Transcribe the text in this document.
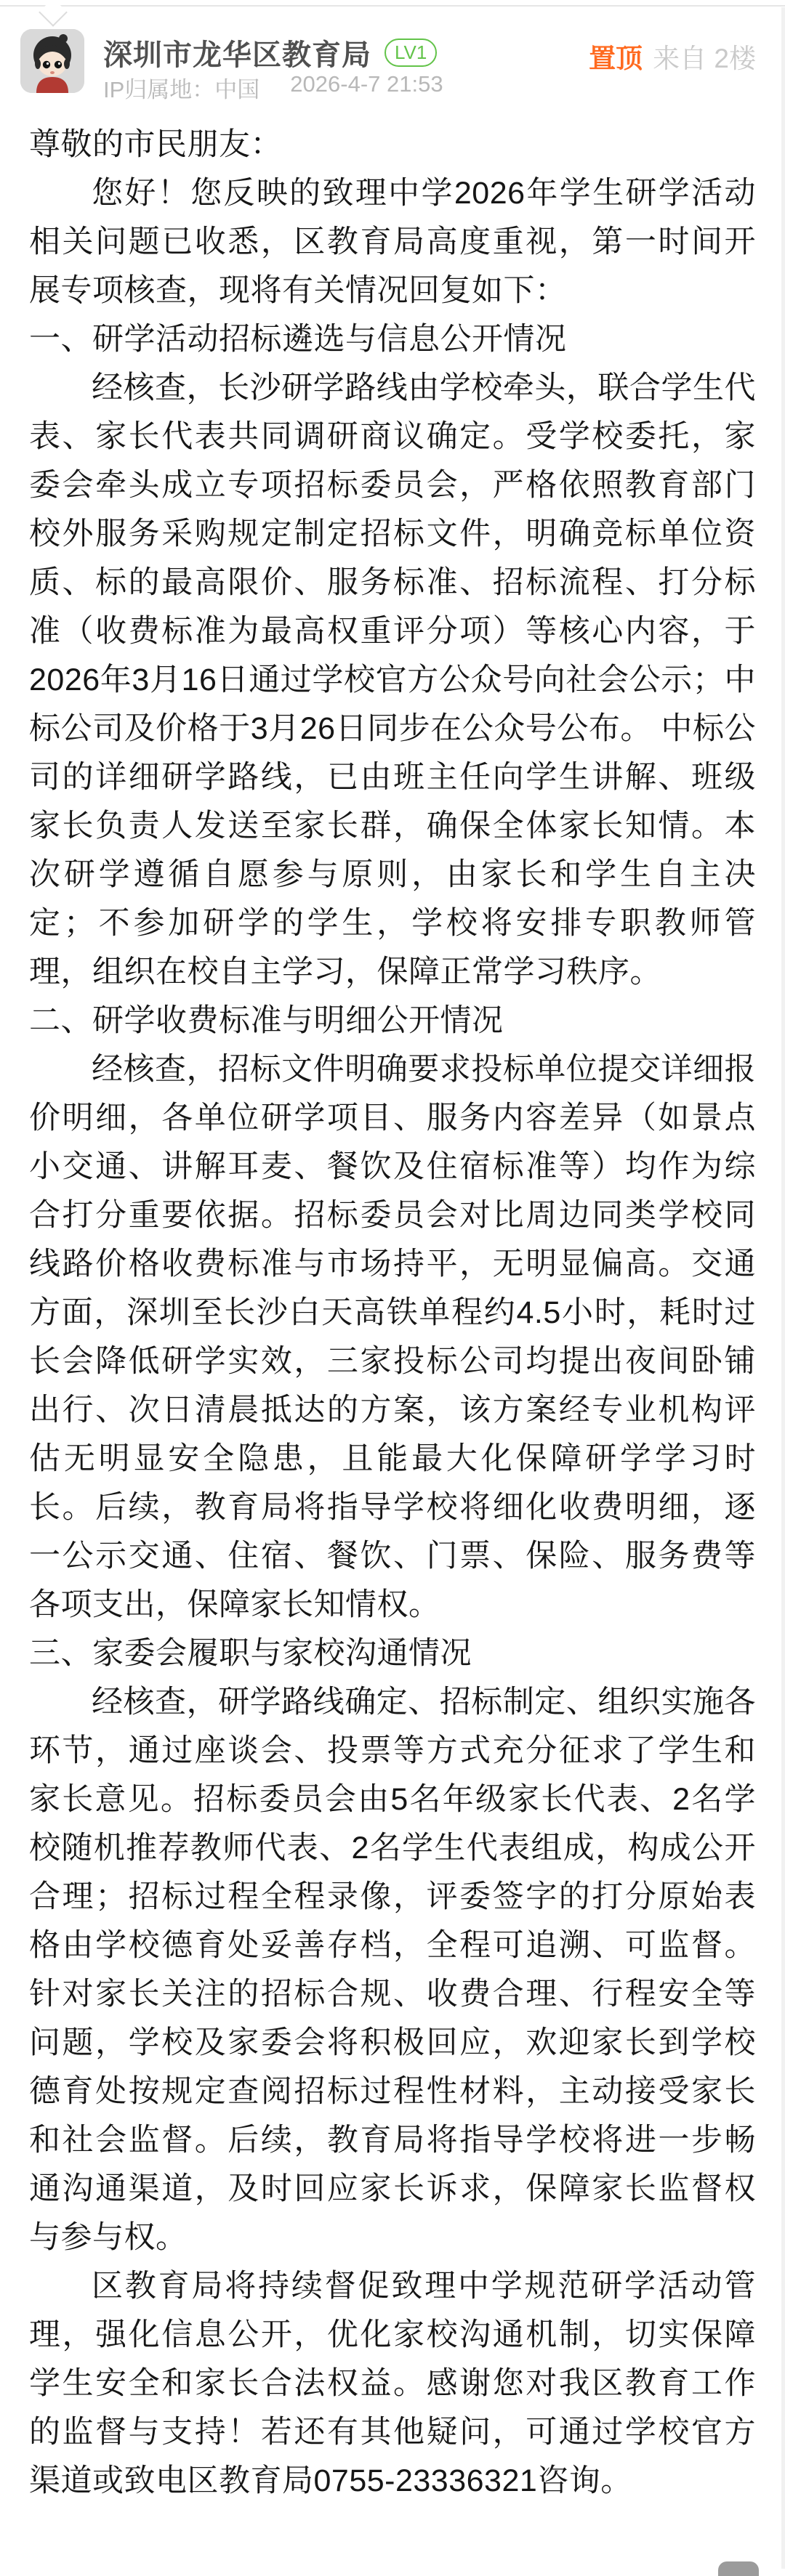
深圳市龙华区教育局	LV1	置顶 来自 2楼
IP归属地：中国 2026-4-7 21:53

尊敬的市民朋友：

您好！您反映的致理中学2026年学生研学活动相关问题已收悉，区教育局高度重视，第一时间开展专项核查，现将有关情况回复如下：

一、研学活动招标遴选与信息公开情况

经核查，长沙研学路线由学校牵头，联合学生代表、家长代表共同调研商议确定。受学校委托，家委会牵头成立专项招标委员会，严格依照教育部门校外服务采购规定制定招标文件，明确竞标单位资质、标的最高限价、服务标准、招标流程、打分标准（收费标准为最高权重评分项）等核心内容，于2026年3月16日通过学校官方公众号向社会公示；中标公司及价格于3月26日同步在公众号公布。 中标公司的详细研学路线，已由班主任向学生讲解、班级家长负责人发送至家长群，确保全体家长知情。本次研学遵循自愿参与原则，由家长和学生自主决定；不参加研学的学生，学校将安排专职教师管理，组织在校自主学习，保障正常学习秩序。

二、研学收费标准与明细公开情况

经核查，招标文件明确要求投标单位提交详细报价明细，各单位研学项目、服务内容差异（如景点小交通、讲解耳麦、餐饮及住宿标准等）均作为综合打分重要依据。招标委员会对比周边同类学校同线路价格收费标准与市场持平，无明显偏高。交通方面，深圳至长沙白天高铁单程约4.5小时，耗时过长会降低研学实效，三家投标公司均提出夜间卧铺出行、次日清晨抵达的方案，该方案经专业机构评估无明显安全隐患，且能最大化保障研学学习时长。后续，教育局将指导学校将细化收费明细，逐一公示交通、住宿、餐饮、门票、保险、服务费等各项支出，保障家长知情权。

三、家委会履职与家校沟通情况

经核查，研学路线确定、招标制定、组织实施各环节，通过座谈会、投票等方式充分征求了学生和家长意见。招标委员会由5名年级家长代表、2名学校随机推荐教师代表、2名学生代表组成，构成公开合理；招标过程全程录像，评委签字的打分原始表格由学校德育处妥善存档，全程可追溯、可监督。针对家长关注的招标合规、收费合理、行程安全等问题，学校及家委会将积极回应，欢迎家长到学校德育处按规定查阅招标过程性材料，主动接受家长和社会监督。后续，教育局将指导学校将进一步畅通沟通渠道，及时回应家长诉求，保障家长监督权与参与权。

区教育局将持续督促致理中学规范研学活动管理，强化信息公开，优化家校沟通机制，切实保障学生安全和家长合法权益。感谢您对我区教育工作的监督与支持！若还有其他疑问，可通过学校官方渠道或致电区教育局0755-23336321咨询。
